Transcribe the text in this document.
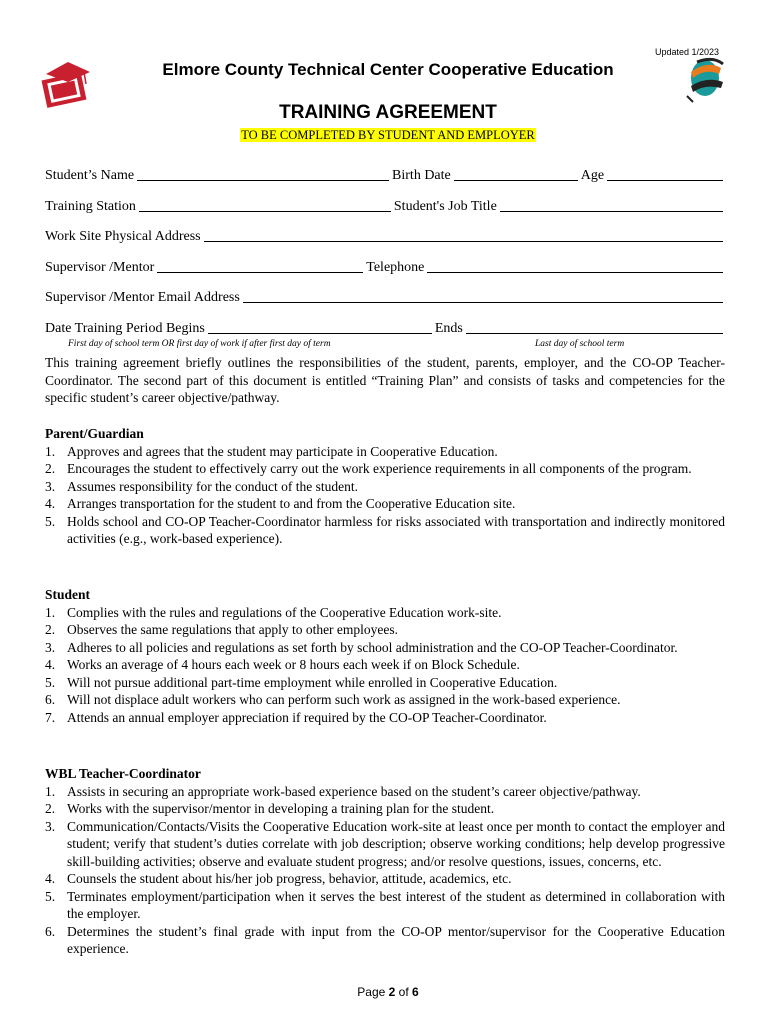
Updated 1/2023
Elmore County Technical Center Cooperative Education
TRAINING AGREEMENT
TO BE COMPLETED BY STUDENT AND EMPLOYER
Student’s Name	Birth Date	Age
Training Station	Student's Job Title
Work Site Physical Address
Supervisor /Mentor	Telephone
Supervisor /Mentor Email Address
Date Training Period Begins	Ends
First day of school term OR first day of work if after first day of term	Last day of school term
This training agreement briefly outlines the responsibilities of the student, parents, employer, and the CO-OP Teacher-Coordinator. The second part of this document is entitled “Training Plan” and consists of tasks and competencies for the specific student’s career objective/pathway.
Parent/Guardian
1. Approves and agrees that the student may participate in Cooperative Education.
2. Encourages the student to effectively carry out the work experience requirements in all components of the program.
3. Assumes responsibility for the conduct of the student.
4. Arranges transportation for the student to and from the Cooperative Education site.
5. Holds school and CO-OP Teacher-Coordinator harmless for risks associated with transportation and indirectly monitored activities (e.g., work-based experience).
Student
1. Complies with the rules and regulations of the Cooperative Education work-site.
2. Observes the same regulations that apply to other employees.
3. Adheres to all policies and regulations as set forth by school administration and the CO-OP Teacher-Coordinator.
4. Works an average of 4 hours each week or 8 hours each week if on Block Schedule.
5. Will not pursue additional part-time employment while enrolled in Cooperative Education.
6. Will not displace adult workers who can perform such work as assigned in the work-based experience.
7. Attends an annual employer appreciation if required by the CO-OP Teacher-Coordinator.
WBL Teacher-Coordinator
1. Assists in securing an appropriate work-based experience based on the student’s career objective/pathway.
2. Works with the supervisor/mentor in developing a training plan for the student.
3. Communication/Contacts/Visits the Cooperative Education work-site at least once per month to contact the employer and student; verify that student’s duties correlate with job description; observe working conditions; help develop progressive skill-building activities; observe and evaluate student progress; and/or resolve questions, issues, concerns, etc.
4. Counsels the student about his/her job progress, behavior, attitude, academics, etc.
5. Terminates employment/participation when it serves the best interest of the student as determined in collaboration with the employer.
6. Determines the student’s final grade with input from the CO-OP mentor/supervisor for the Cooperative Education experience.
Page 2 of 6
